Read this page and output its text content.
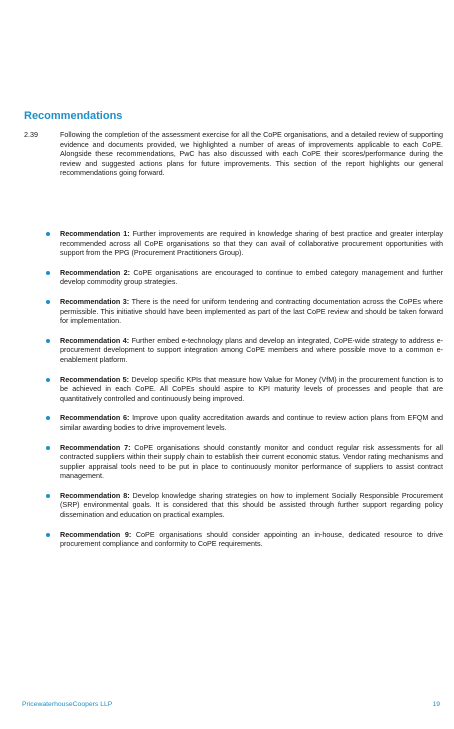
Recommendations
2.39	Following the completion of the assessment exercise for all the CoPE organisations, and a detailed review of supporting evidence and documents provided, we highlighted a number of areas of improvements applicable to each CoPE. Alongside these recommendations, PwC has also discussed with each CoPE their scores/performance during the review and suggested actions plans for future improvements. This section of the report highlights our general recommendations going forward.
Recommendation 1: Further improvements are required in knowledge sharing of best practice and greater interplay recommended across all CoPE organisations so that they can avail of collaborative procurement opportunities with support from the PPG (Procurement Practitioners Group).
Recommendation 2: CoPE organisations are encouraged to continue to embed category management and further develop commodity group strategies.
Recommendation 3: There is the need for uniform tendering and contracting documentation across the CoPEs where permissible. This initiative should have been implemented as part of the last CoPE review and should be taken forward for implementation.
Recommendation 4: Further embed e-technology plans and develop an integrated, CoPE-wide strategy to address e-procurement development to support integration among CoPE members and where possible move to a common e-enablement platform.
Recommendation 5: Develop specific KPIs that measure how Value for Money (VfM) in the procurement function is to be achieved in each CoPE. All CoPEs should aspire to KPI maturity levels of processes and people that are quantitatively controlled and continuously being improved.
Recommendation 6: Improve upon quality accreditation awards and continue to review action plans from EFQM and similar awarding bodies to drive improvement levels.
Recommendation 7: CoPE organisations should constantly monitor and conduct regular risk assessments for all contracted suppliers within their supply chain to establish their current economic status. Vendor rating mechanisms and supplier appraisal tools need to be put in place to continuously monitor performance of suppliers to assist contract management.
Recommendation 8: Develop knowledge sharing strategies on how to implement Socially Responsible Procurement (SRP) environmental goals. It is considered that this should be assisted through further support regarding policy dissemination and education on practical examples.
Recommendation 9: CoPE organisations should consider appointing an in-house, dedicated resource to drive procurement compliance and conformity to CoPE requirements.
PricewaterhouseCoopers LLP	19
